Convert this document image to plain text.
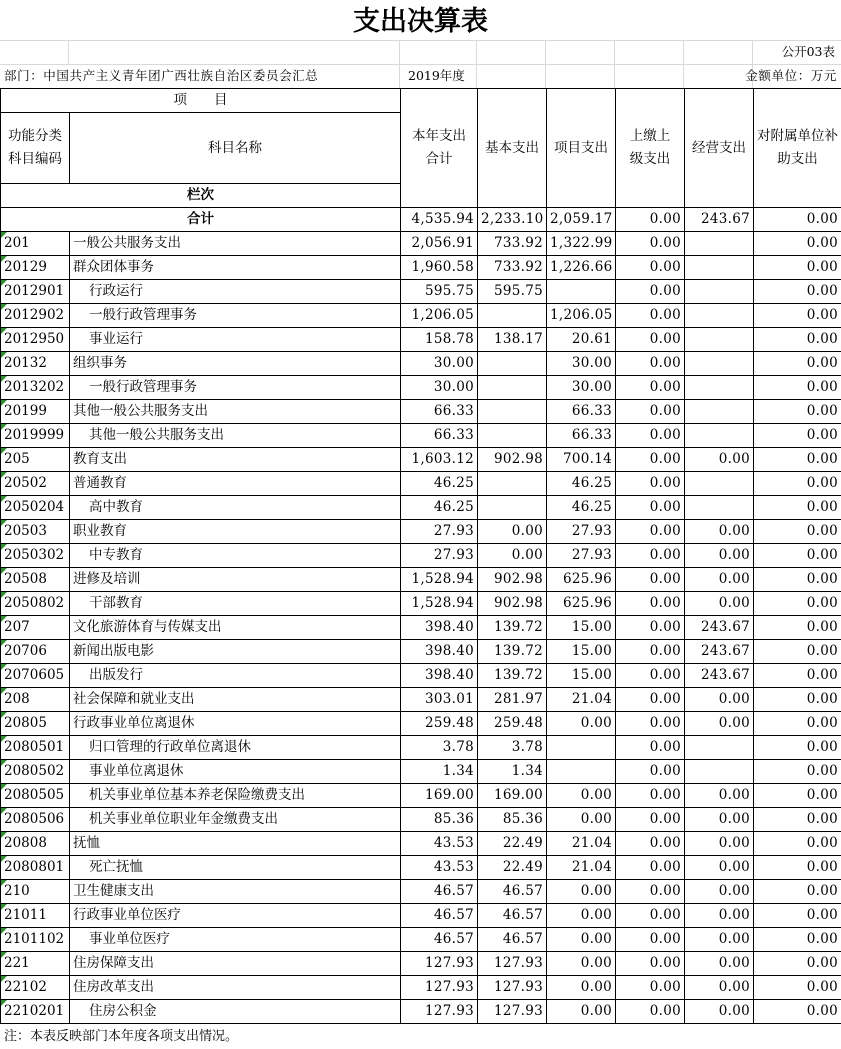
支出决算表
公开03表
部门：中国共产主义青年团广西壮族自治区委员会汇总	2019年度	金额单位：万元
项　　目		本年支出合计	基本支出	项目支出	上缴上级支出	经营支出	对附属单位补助支出	
功能分类科目编码	科目名称							
栏次						
合计		4,535.94	2,233.10	2,059.17	0.00	243.67	0.00	

201	一般公共服务支出	2,056.91	733.92	1,322.99	0.00		0.00	

20129	群众团体事务	1,960.58	733.92	1,226.66	0.00		0.00	

2012901	行政运行	595.75	595.75		0.00		0.00	

2012902	一般行政管理事务	1,206.05		1,206.05	0.00		0.00	

2012950	事业运行	158.78	138.17	20.61	0.00		0.00	

20132	组织事务	30.00		30.00	0.00		0.00	

2013202	一般行政管理事务	30.00		30.00	0.00		0.00	

20199	其他一般公共服务支出	66.33		66.33	0.00		0.00	

2019999	其他一般公共服务支出	66.33		66.33	0.00		0.00	

205	教育支出	1,603.12	902.98	700.14	0.00	0.00	0.00	

20502	普通教育	46.25		46.25	0.00		0.00	

2050204	高中教育	46.25		46.25	0.00		0.00	

20503	职业教育	27.93	0.00	27.93	0.00	0.00	0.00	

2050302	中专教育	27.93	0.00	27.93	0.00	0.00	0.00	

20508	进修及培训	1,528.94	902.98	625.96	0.00	0.00	0.00	

2050802	干部教育	1,528.94	902.98	625.96	0.00	0.00	0.00	

207	文化旅游体育与传媒支出	398.40	139.72	15.00	0.00	243.67	0.00	

20706	新闻出版电影	398.40	139.72	15.00	0.00	243.67	0.00	

2070605	出版发行	398.40	139.72	15.00	0.00	243.67	0.00	

208	社会保障和就业支出	303.01	281.97	21.04	0.00	0.00	0.00	

20805	行政事业单位离退休	259.48	259.48	0.00	0.00	0.00	0.00	

2080501	归口管理的行政单位离退休	3.78	3.78		0.00		0.00	

2080502	事业单位离退休	1.34	1.34		0.00		0.00	

2080505	机关事业单位基本养老保险缴费支出	169.00	169.00	0.00	0.00	0.00	0.00	

2080506	机关事业单位职业年金缴费支出	85.36	85.36	0.00	0.00	0.00	0.00	

20808	抚恤	43.53	22.49	21.04	0.00	0.00	0.00	

2080801	死亡抚恤	43.53	22.49	21.04	0.00	0.00	0.00	

210	卫生健康支出	46.57	46.57	0.00	0.00	0.00	0.00	

21011	行政事业单位医疗	46.57	46.57	0.00	0.00	0.00	0.00	

2101102	事业单位医疗	46.57	46.57	0.00	0.00	0.00	0.00	

221	住房保障支出	127.93	127.93	0.00	0.00	0.00	0.00	

22102	住房改革支出	127.93	127.93	0.00	0.00	0.00	0.00	

2210201	住房公积金	127.93	127.93	0.00	0.00	0.00	0.00	
注：本表反映部门本年度各项支出情况。
